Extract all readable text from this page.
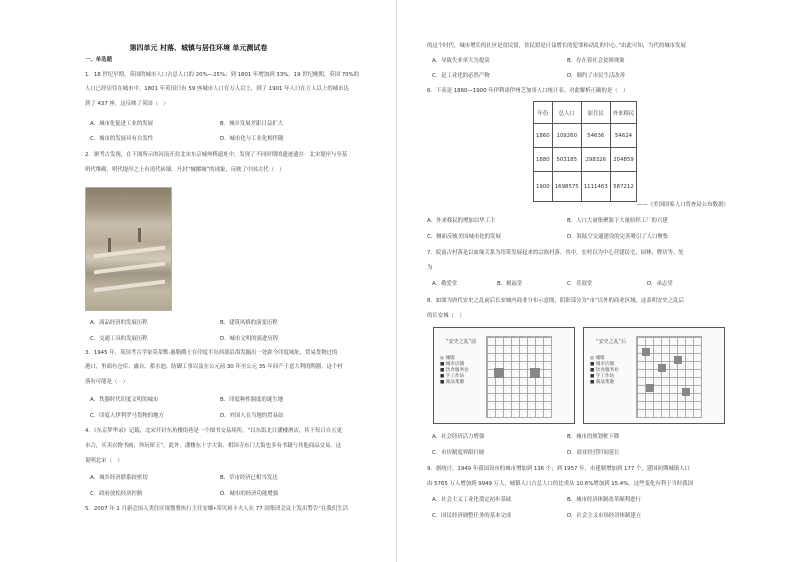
第四单元 村落、城镇与居住环境 单元测试卷
一、单选题
1．18 世纪早期，英国的城市人口占总人口的 20%—25%；到 1801 年增加到 33%。19 世纪晚期，英国 70%的
人口已经居住在城市中。1801 年英国只有 59 座城市人口在万人以上，到了 1901 年人口在万人以上的城市达
到了 437 座。这反映了英国（　）
A．城市化促进工业的发展	B．城乡发展差距日益扩大
C．城市的发展具有自发性	D．城市化与工业化相伴随
2．据考古发现，在下图所示的河南开封北宋东京城州桥遗址中，发现了不同时期的遗迹遗存：北宋堤岸与至基
明代堆砌，明代堤岸之上有清代砖墙。开封“城摞城”的现象，反映了中国古代（　）
A．商品经济的发展历程	B．建筑风格的演变历程
C．交通工具的发展历程	D．城市文明的演进历程
3．1945 年，英国考古学家莫蒂默·惠勒爵士在印度半岛西部沿海发掘出一处距今印度城址，贸易货物过的
港口，里面有仓库、露台、蓄水池、防御工事以及在公元前 30 年至公元 35 年间产于意大利的陶器。这个村
落有可能是（　）
A．铁器时代印度文明的城市	B．印度种姓制度的诞生地
C．印度人伊利罗马货物的地方	D．外国人在当地的贸易站
4．《东京梦华录》记载，北宋开封东角楼街巷是一个图书交易场所，“以东街北日潘楼酒店，其下每日自五更
市合，买卖衣物书画、珍玩犀玉”。此外，潘楼东十字大街、相国寺东门大街也多有书籍与其他商品交易。这
说明北宋（　）
A．城乡经济联系较密切	B．草市经济已相当发达
C．政府放松经济控制	D．城市的经济功能增强
5．2007 年 1 月新会国人类住区规划署执行主任安娜•蒂贝琼卡夫人在 77 国集团会议上发出警告“在我们生活
的这个时代，城市增长的社区是贫民窟，贫民窟是日益增长的犯罪和动乱的中心。”由此可知，当代的城市发展
A．导致失业率大为提高	B．存在着社会贫困现象
C．是工业化的必然产物	D．制约了市民生活改善
6．下表是 1860—1900 年伊利诺伊州芝加哥人口统计表。对此解析正确的是（　）
——《美国国家人口普查局公布数据》
A．外来移民的增加以华工主	B．人口大量集聚源于大量纺织工厂的兴建
C．侧面反映美国城市化的发展	D．海陆空交通建设的完善吸引了人口聚集
7．皖南古村落是以血缘关系为纽带发展起来的宗族村落。其中，宏村以为中心营建民宅、园林、牌坊等。处
为
A．敬爱堂	B．履福堂	C．乐叙堂	D．承志堂
8．如图为唐代安史之乱前后长安城内商业分布示意图，阴影部分为“市”以外的商业区域。这表明安史之乱后
的长安城（　）
“安史之乱”前
◎ 城墙
■ 城市店铺
■ 饮食服务业
■ 手工作坊
■ 商品集散
“安史之乱”后
◎ 城墙
■ 城市店铺
■ 饮食服务业
■ 手工作坊
■ 商品集散
A．社会经济活力增强	B．城市的规划框下降
C．市坊制度界限打破	D．商业经营时间延长
9．据统计，1949 年我国设市的城市增加到 136 个；到 1957 年，市建制增加到 177 个。建国初期城镇人口
由 5765 万人增加到 9949 万人，城镇人口占总人口的比重从 10.6%增加到 15.4%。这些变化有利于当时我国
A．社会主义工业化奠定初步基础	B．城市经济体制改革顺利进行
C．国民经济调整任务的基本完成	D．社会主义市场经济体制建立
年份	总人口	原住民	外来移民
1860	109260	54636	54624
1880	503185	298326	204859
1900	1698575	1111463	587212
